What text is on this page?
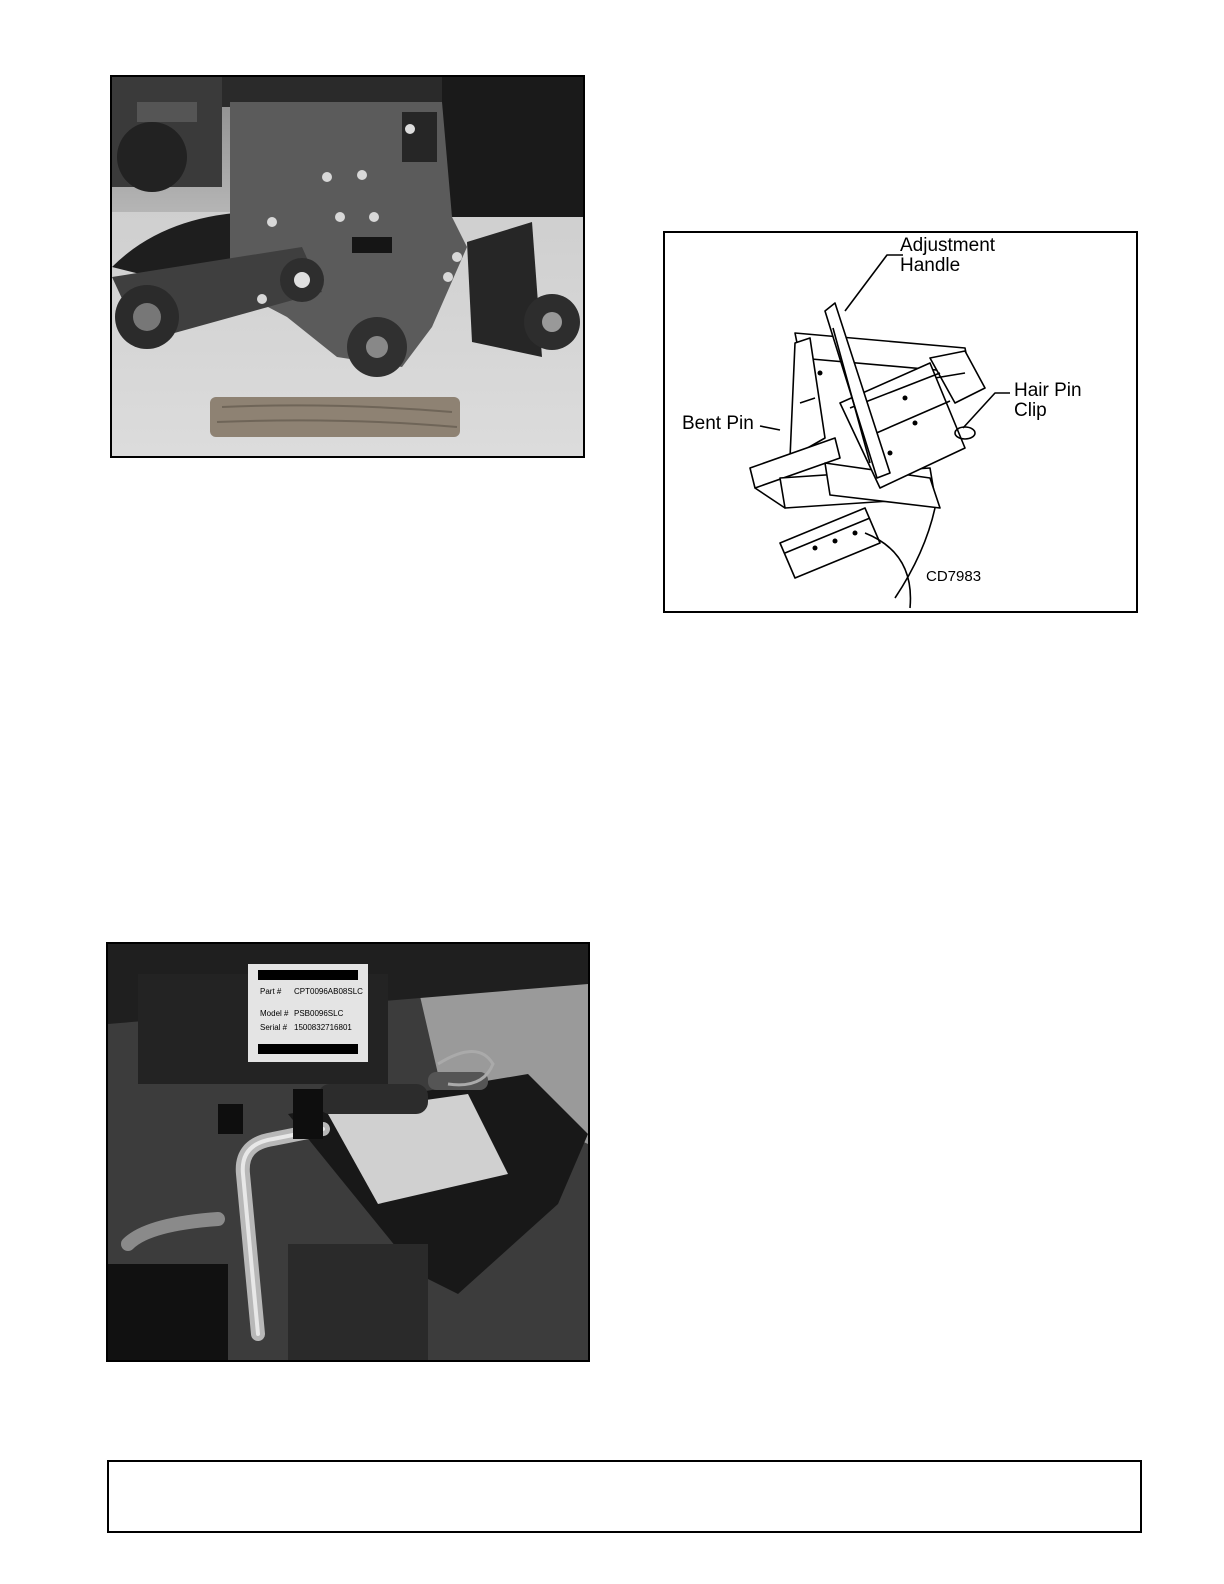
Adjustment
Handle
Hair Pin
Clip
Bent Pin
CD7983
Part # CPT0096AB08SLC
Model # PSB0096SLC
Serial # 1500832716801
